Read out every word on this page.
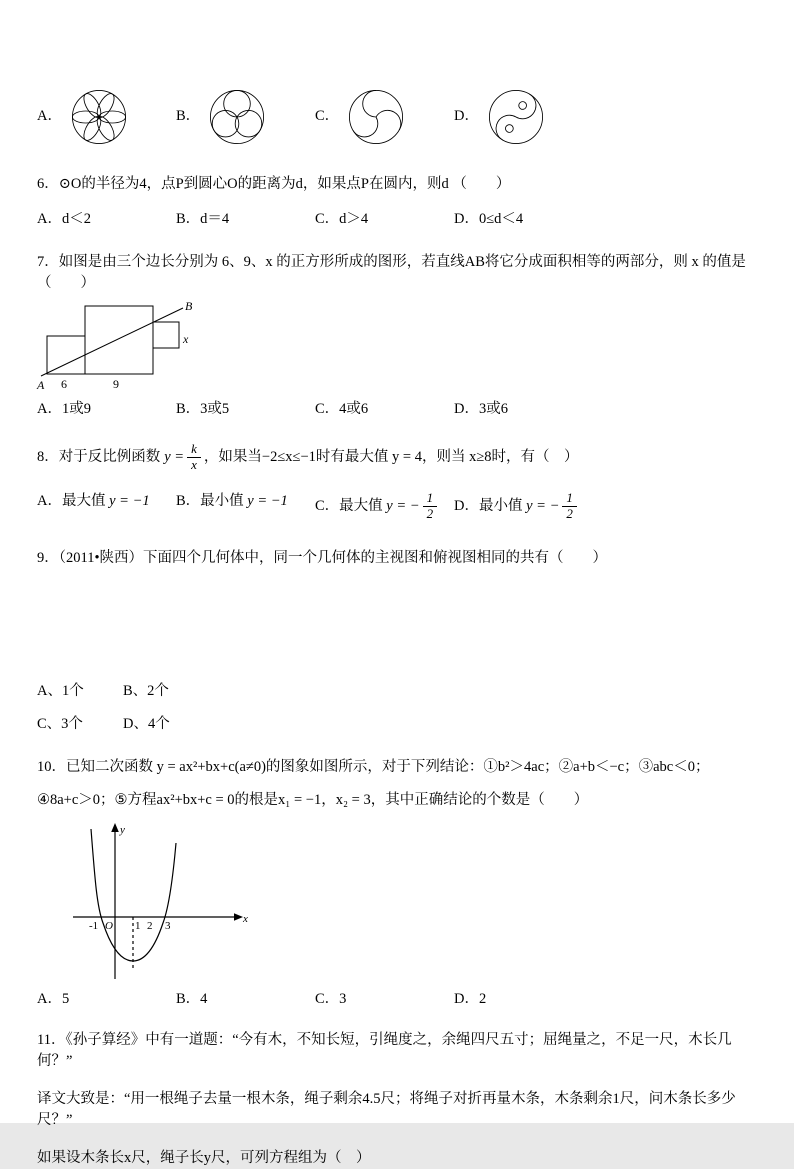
A．	B．	C．	D．

6．⊙O的半径为4，点P到圆心O的距离为d，如果点P在圆内，则d （　　）

A．d＜2	B．d＝4	C．d＞4	D．0≤d＜4

7．如图是由三个边长分别为 6、9、x 的正方形所成的图形，若直线AB将它分成面积相等的两部分，则 x 的值是（　　）

B
x
A 6	9
A．1或9	B．3或5	C．4或6	D．3或6

8．对于反比例函数 $y = \frac{k}{x}$ ，如果当−2≤x≤−1时有最大值 y = 4，则当 x≥8时，有（　）

A．最大值 y = −1	B．最小值 y = −1	C．最大值 y = − $\frac{1}{2}$ D．最小值 y = − $\frac{1}{2}$

9．（2011•陕西）下面四个几何体中，同一个几何体的主视图和俯视图相同的共有（　　）

A、1个	B、2个
C、3个	D、4个

10．已知二次函数 y = ax²+bx+c(a≠0)的图象如图所示，对于下列结论：①b²＞4ac；②a+b＜−c；③abc＜0；

④8a+c＞0；⑤方程ax²+bx+c = 0的根是x₁ = −1，x₂ = 3，其中正确结论的个数是（　　）

y
x
O
-1	1 2 3
A．5	B．4	C．3	D．2

11．《孙子算经》中有一道题：“今有木，不知长短，引绳度之，余绳四尺五寸；屈绳量之，不足一尺，木长几何？”

译文大致是：“用一根绳子去量一根木条，绳子剩余4.5尺；将绳子对折再量木条，木条剩余1尺，问木条长多少尺？”

如果设木条长x尺，绳子长y尺，可列方程组为（　）
